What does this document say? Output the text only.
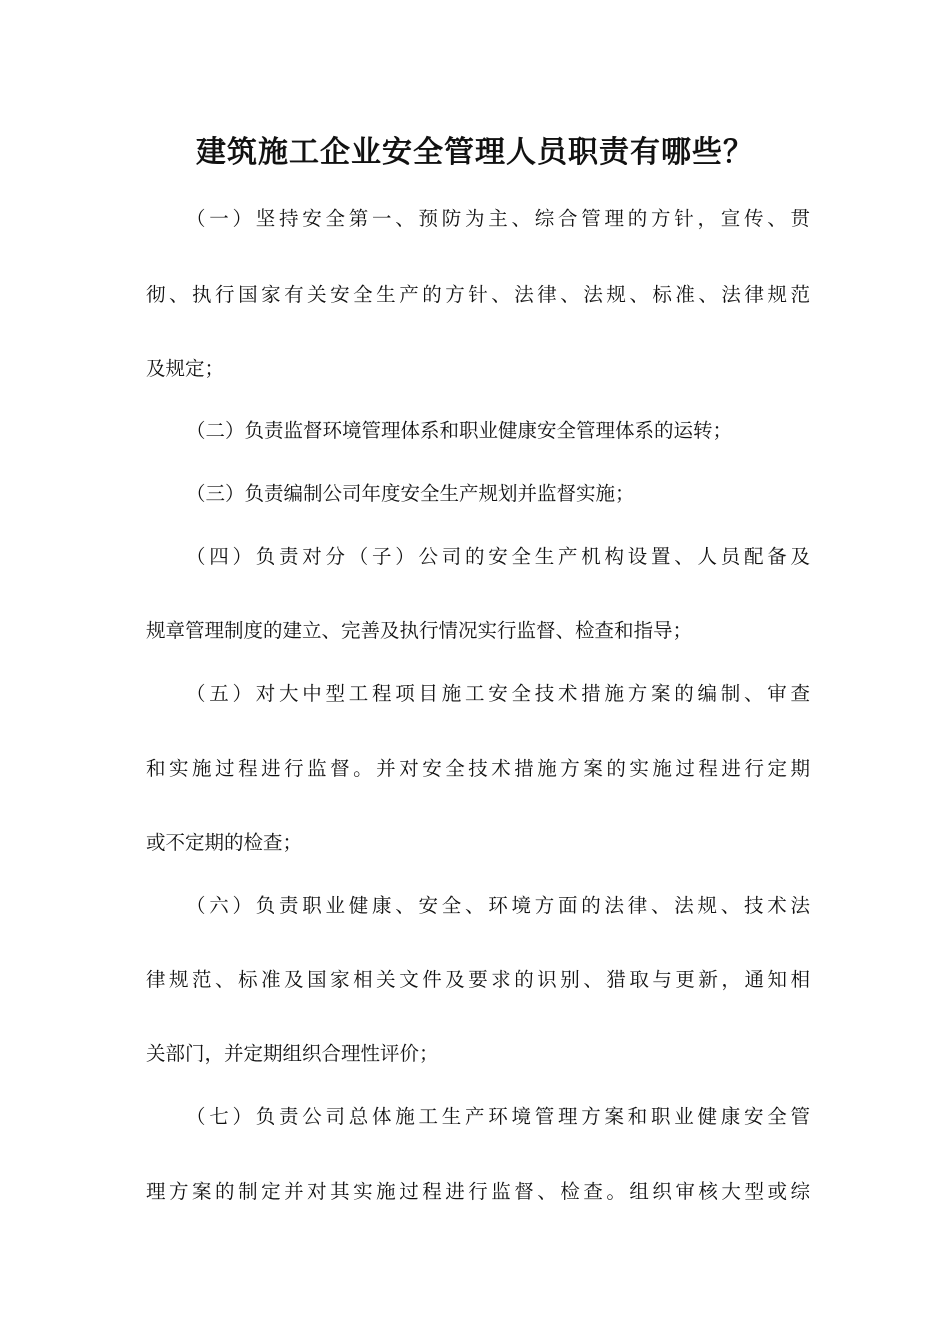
建筑施工企业安全管理人员职责有哪些？

（一）坚持安全第一、预防为主、综合管理的方针，宣传、贯

彻、执行国家有关安全生产的方针、法律、法规、标准、法律规范

及规定；

（二）负责监督环境管理体系和职业健康安全管理体系的运转；

（三）负责编制公司年度安全生产规划并监督实施；

（四）负责对分（子）公司的安全生产机构设置、人员配备及

规章管理制度的建立、完善及执行情况实行监督、检查和指导；

（五）对大中型工程项目施工安全技术措施方案的编制、审查

和实施过程进行监督。并对安全技术措施方案的实施过程进行定期

或不定期的检查；

（六）负责职业健康、安全、环境方面的法律、法规、技术法

律规范、标准及国家相关文件及要求的识别、猎取与更新，通知相

关部门，并定期组织合理性评价；

（七）负责公司总体施工生产环境管理方案和职业健康安全管

理方案的制定并对其实施过程进行监督、检查。组织审核大型或综
